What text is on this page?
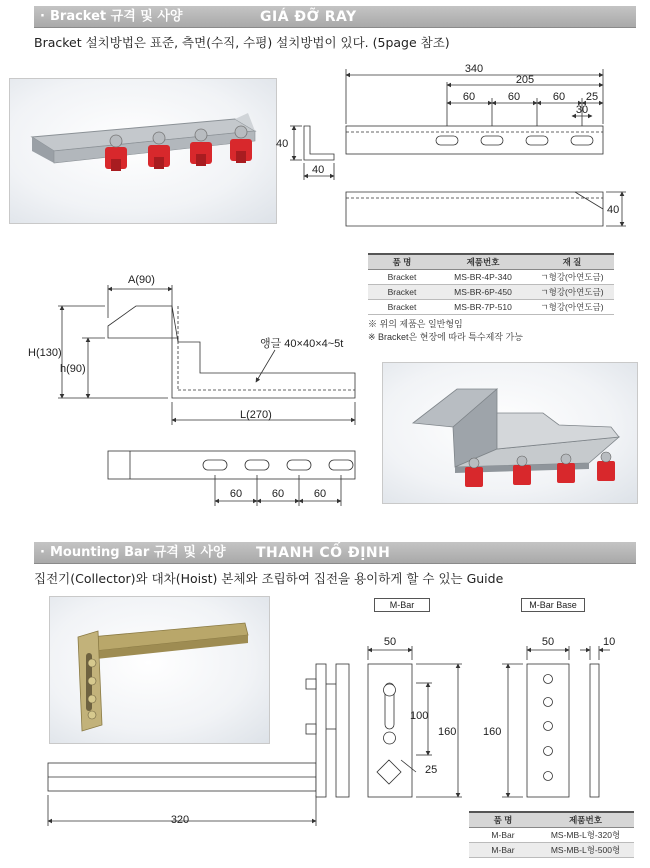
· Bracket 규격 및 사양	GIÁ ĐỠ RAY
Bracket 설치방법은 표준, 측면(수직, 수평) 설치방법이 있다. (5page 참조)
340
205
60	60	60 25
30
40
40
40
A(90)
H(130)
h(90)
앵글 40×40×4~5t
L(270)
60	60	60
50
100
160
25
50	10
160
320
품 명	제품번호	재 질
Bracket	MS-BR-4P-340	ㄱ형강(아연도금)
Bracket	MS-BR-6P-450	ㄱ형강(아연도금)
Bracket	MS-BR-7P-510	ㄱ형강(아연도금)
※ 위의 제품은 일반형임
※ Bracket은 현장에 따라 특수제작 가능
· Mounting Bar 규격 및 사양 THANH CỐ ĐỊNH
집전기(Collector)와 대차(Hoist) 본체와 조립하여 집전을 용이하게 할 수 있는 Guide
M-Bar	M-Bar Base
품 명	제품번호
M-Bar	MS-MB-L형-320형
M-Bar	MS-MB-L형-500형
